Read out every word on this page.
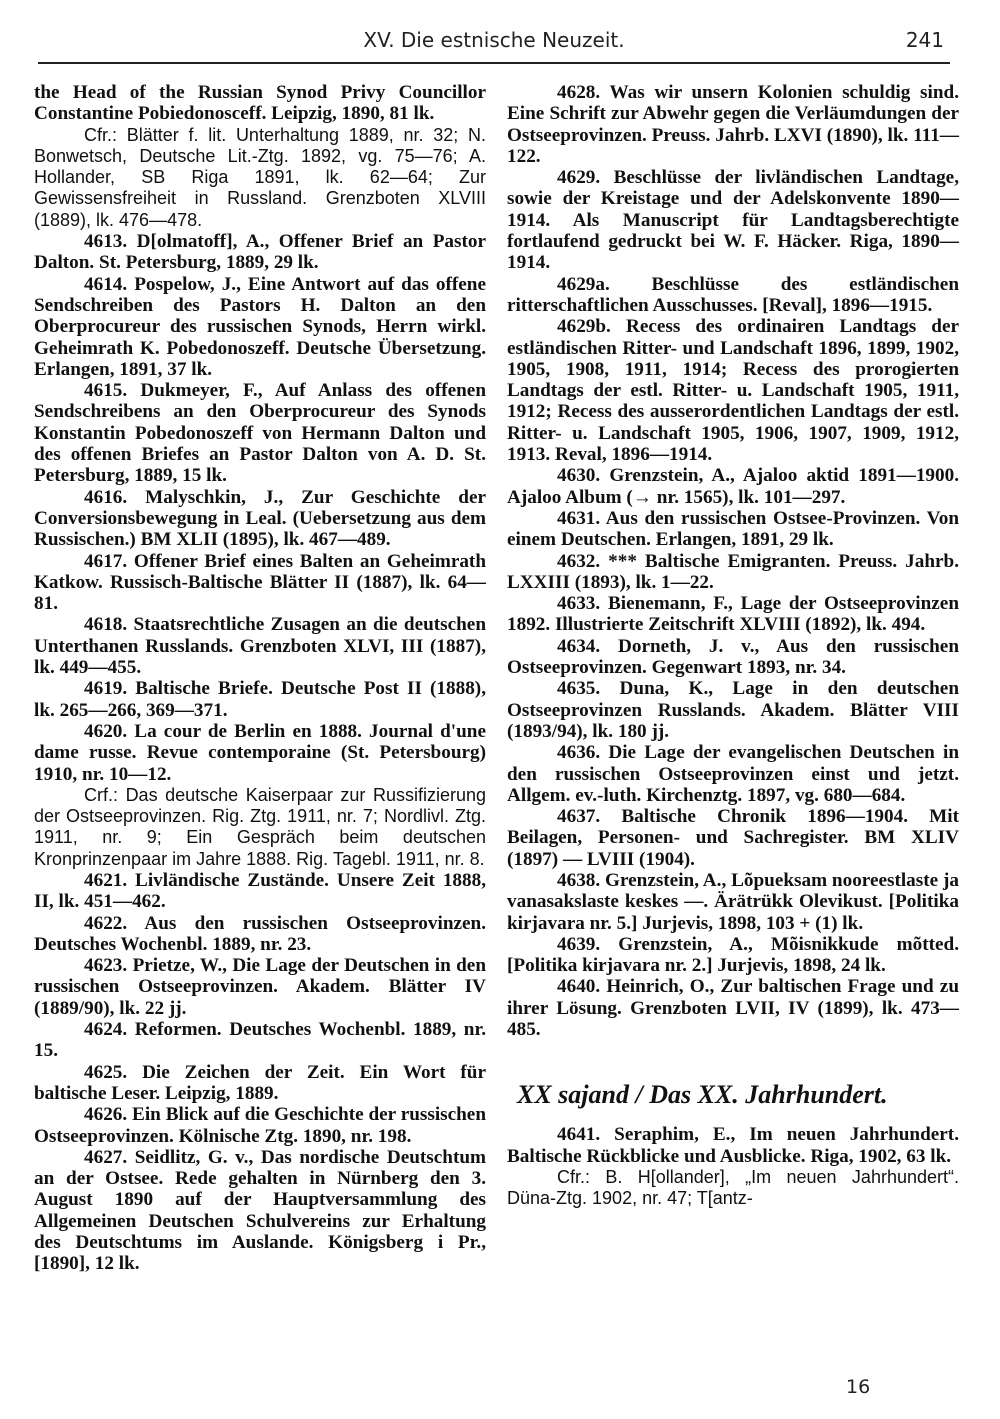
XV. Die estnische Neuzeit.	241

the Head of the Russian Synod Privy Councillor Constantine Pobiedonosceff. Leipzig, 1890, 81 lk.

Cfr.: Blätter f. lit. Unterhaltung 1889, nr. 32; N. Bonwetsch, Deutsche Lit.-Ztg. 1892, vg. 75—76; A. Hollander, SB Riga 1891, lk. 62—64; Zur Gewissensfreiheit in Russland. Grenzboten XLVIII (1889), lk. 476—478.

4613. D[olmatoff], A., Offener Brief an Pastor Dalton. St. Petersburg, 1889, 29 lk.

4614. Pospelow, J., Eine Antwort auf das offene Sendschreiben des Pastors H. Dalton an den Oberprocureur des russischen Synods, Herrn wirkl. Geheimrath K. Pobedonoszeff. Deutsche Übersetzung. Erlangen, 1891, 37 lk.

4615. Dukmeyer, F., Auf Anlass des offenen Sendschreibens an den Oberprocureur des Synods Konstantin Pobedonoszeff von Hermann Dalton und des offenen Briefes an Pastor Dalton von A. D. St. Petersburg, 1889, 15 lk.

4616. Malyschkin, J., Zur Geschichte der Conversionsbewegung in Leal. (Uebersetzung aus dem Russischen.) BM XLII (1895), lk. 467—489.

4617. Offener Brief eines Balten an Geheimrath Katkow. Russisch-Baltische Blätter II (1887), lk. 64—81.

4618. Staatsrechtliche Zusagen an die deutschen Unterthanen Russlands. Grenzboten XLVI, III (1887), lk. 449—455.

4619. Baltische Briefe. Deutsche Post II (1888), lk. 265—266, 369—371.

4620. La cour de Berlin en 1888. Journal d'une dame russe. Revue contemporaine (St. Petersbourg) 1910, nr. 10—12.

Crf.: Das deutsche Kaiserpaar zur Russifizierung der Ostseeprovinzen. Rig. Ztg. 1911, nr. 7; Nordlivl. Ztg. 1911, nr. 9; Ein Gespräch beim deutschen Kronprinzenpaar im Jahre 1888. Rig. Tagebl. 1911, nr. 8.

4621. Livländische Zustände. Unsere Zeit 1888, II, lk. 451—462.

4622. Aus den russischen Ostseeprovinzen. Deutsches Wochenbl. 1889, nr. 23.

4623. Prietze, W., Die Lage der Deutschen in den russischen Ostseeprovinzen. Akadem. Blätter IV (1889/90), lk. 22 jj.

4624. Reformen. Deutsches Wochenbl. 1889, nr. 15.

4625. Die Zeichen der Zeit. Ein Wort für baltische Leser. Leipzig, 1889.

4626. Ein Blick auf die Geschichte der russischen Ostseeprovinzen. Kölnische Ztg. 1890, nr. 198.

4627. Seidlitz, G. v., Das nordische Deutschtum an der Ostsee. Rede gehalten in Nürnberg den 3. August 1890 auf der Hauptversammlung des Allgemeinen Deutschen Schulvereins zur Erhaltung des Deutschtums im Auslande. Königsberg i Pr., [1890], 12 lk.

4628. Was wir unsern Kolonien schuldig sind. Eine Schrift zur Abwehr gegen die Verläumdungen der Ostseeprovinzen. Preuss. Jahrb. LXVI (1890), lk. 111—122.

4629. Beschlüsse der livländischen Landtage, sowie der Kreistage und der Adelskonvente 1890—1914. Als Manuscript für Landtagsberechtigte fortlaufend gedruckt bei W. F. Häcker. Riga, 1890—1914.

4629a. Beschlüsse des estländischen ritterschaftlichen Ausschusses. [Reval], 1896—1915.

4629b. Recess des ordinairen Landtags der estländischen Ritter- und Landschaft 1896, 1899, 1902, 1905, 1908, 1911, 1914; Recess des prorogierten Landtags der estl. Ritter- u. Landschaft 1905, 1911, 1912; Recess des ausserordentlichen Landtags der estl. Ritter- u. Landschaft 1905, 1906, 1907, 1909, 1912, 1913. Reval, 1896—1914.

4630. Grenzstein, A., Ajaloo aktid 1891—1900. Ajaloo Album (→ nr. 1565), lk. 101—297.

4631. Aus den russischen Ostsee-Provinzen. Von einem Deutschen. Erlangen, 1891, 29 lk.

4632. *** Baltische Emigranten. Preuss. Jahrb. LXXIII (1893), lk. 1—22.

4633. Bienemann, F., Lage der Ostseeprovinzen 1892. Illustrierte Zeitschrift XLVIII (1892), lk. 494.

4634. Dorneth, J. v., Aus den russischen Ostseeprovinzen. Gegenwart 1893, nr. 34.

4635. Duna, K., Lage in den deutschen Ostseeprovinzen Russlands. Akadem. Blätter VIII (1893/94), lk. 180 jj.

4636. Die Lage der evangelischen Deutschen in den russischen Ostseeprovinzen einst und jetzt. Allgem. ev.-luth. Kirchenztg. 1897, vg. 680—684.

4637. Baltische Chronik 1896—1904. Mit Beilagen, Personen- und Sachregister. BM XLIV (1897) — LVIII (1904).

4638. Grenzstein, A., Lõpueksam nooreestlaste ja vanasakslaste keskes —. Ärätrükk Olevikust. [Politika kirjavara nr. 5.] Jurjevis, 1898, 103 + (1) lk.

4639. Grenzstein, A., Mõisnikkude mõtted. [Politika kirjavara nr. 2.] Jurjevis, 1898, 24 lk.

4640. Heinrich, O., Zur baltischen Frage und zu ihrer Lösung. Grenzboten LVII, IV (1899), lk. 473—485.

XX sajand / Das XX. Jahrhundert.

4641. Seraphim, E., Im neuen Jahrhundert. Baltische Rückblicke und Ausblicke. Riga, 1902, 63 lk.

Cfr.: B. H[ollander], „Im neuen Jahrhundert“. Düna-Ztg. 1902, nr. 47; T[antz-

16
